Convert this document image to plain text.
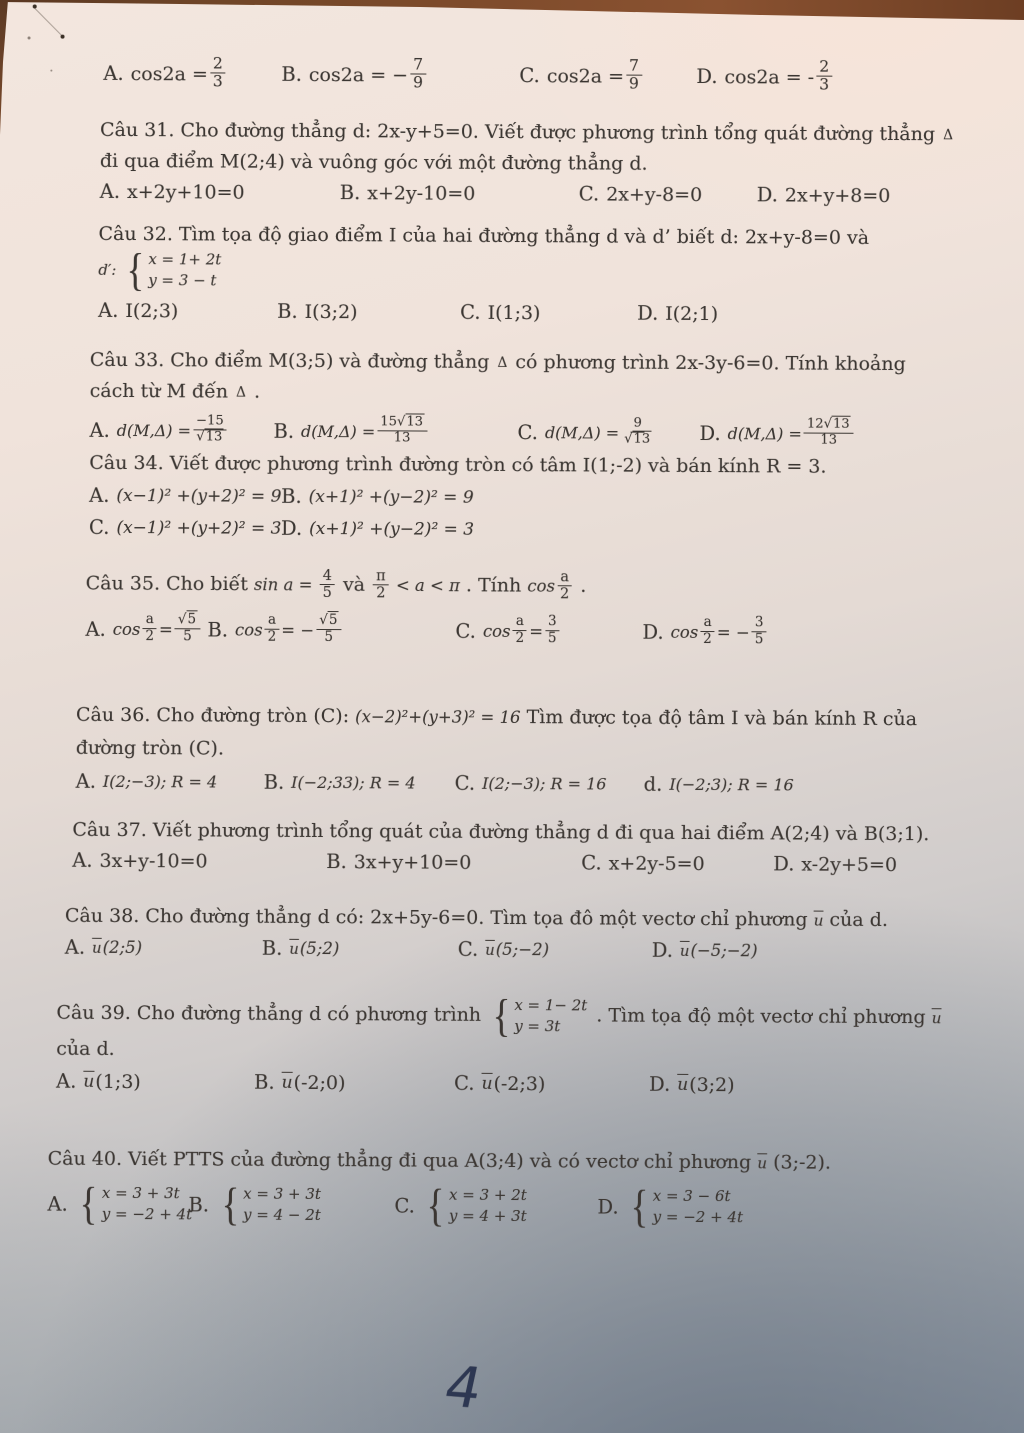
A. $\cos 2a = \frac{2}{3}$	B. cos2a = − $\frac{7}{9}$	C. $\cos 2a = \frac{7}{9}$	D. cos2a = - $\frac{2}{3}$
Câu 31. Cho đường thẳng d: 2x-y+5=0. Viết được phương trình tổng quát đường thẳng Δ
đi qua điểm M(2;4) và vuông góc với một đường thẳng d.
A. x+2y+10=0	B. x+2y-10=0	C. 2x+y-8=0	D. 2x+y+8=0
Câu 32. Tìm tọa độ giao điểm I của hai đường thẳng d và d’ biết d: 2x+y-8=0 và
d′: { x = 1+ 2t
y = 3 − t
A. I(2;3)	B. I(3;2)	C. I(1;3)	D. I(2;1)
Câu 33. Cho điểm M(3;5) và đường thẳng Δ có phương trình 2x-3y-6=0. Tính khoảng
cách từ M đến Δ .
A. $d(M,\Delta) = \frac{-15}{√13} B$. $d(M,\Delta) = \frac{15√13}{13}$	C. $d(M,\Delta) = \frac{9}{√13} D$. $d(M,\Delta) = \frac{12√13}{13}$
Câu 34. Viết được phương trình đường tròn có tâm I(1;-2) và bán kính R = 3.
A. (x−1)² +(y+2)² = 9 B. (x+1)² +(y−2)² = 9
C. (x−1)² +(y+2)² = 3 D. (x+1)² +(y−2)² = 3
Câu 35. Cho biết $\sin a = \frac{4}{5}$ và $\frac{\pi}{2} < a < \pi$ . Tính $\cos \frac{a}{2}$ .
A. $\cos \frac{a}{2} = \frac{√5}{5} B$. $\cos \frac{a}{2}$ = − $\frac{√5}{5}$	C. $\cos \frac{a}{2} = \frac{3}{5}$	D. $\cos \frac{a}{2}$ = − $\frac{3}{5}$
Câu 36. Cho đường tròn (C): (x−2)²+(y+3)² = 16 Tìm được tọa độ tâm I và bán kính R của
đường tròn (C).
A. I(2;−3); R = 4 B. I(−2;33); R = 4 C. I(2;−3); R = 16 d. I(−2;3); R = 16
Câu 37. Viết phương trình tổng quát của đường thẳng d đi qua hai điểm A(2;4) và B(3;1).
A. 3x+y-10=0	B. 3x+y+10=0	C. x+2y-5=0	D. x-2y+5=0
Câu 38. Cho đường thẳng d có: 2x+5y-6=0. Tìm tọa đô một vectơ chỉ phương $\overline{u}$ của d.
A. $\overline{u}$ (2;5)	B. $\overline{u}$ (5;2)	C. $\overline{u}$ (5;−2)	D. $\overline{u}$ (−5;−2)
Câu 39. Cho đường thẳng d có phương trình { x = 1− 2t
y = 3t	. Tìm tọa độ một vectơ chỉ phương $\overline{u}$
của d.
A. $\overline{u}$ (1;3)	B. $\overline{u}$ (-2;0)	C. $\overline{u}$ (-2;3)	D. $\overline{u}$ (3;2)
Câu 40. Viết PTTS của đường thẳng đi qua A(3;4) và có vectơ chỉ phương $\overline{u}$ (3;-2).
A. { x = 3 + 3t
y = −2 + 4t
B. { x = 3 + 3t
y = 4 − 2t	C. { x = 3 + 2t
y = 4 + 3t	D. { x = 3 − 6t
y = −2 + 4t
4
